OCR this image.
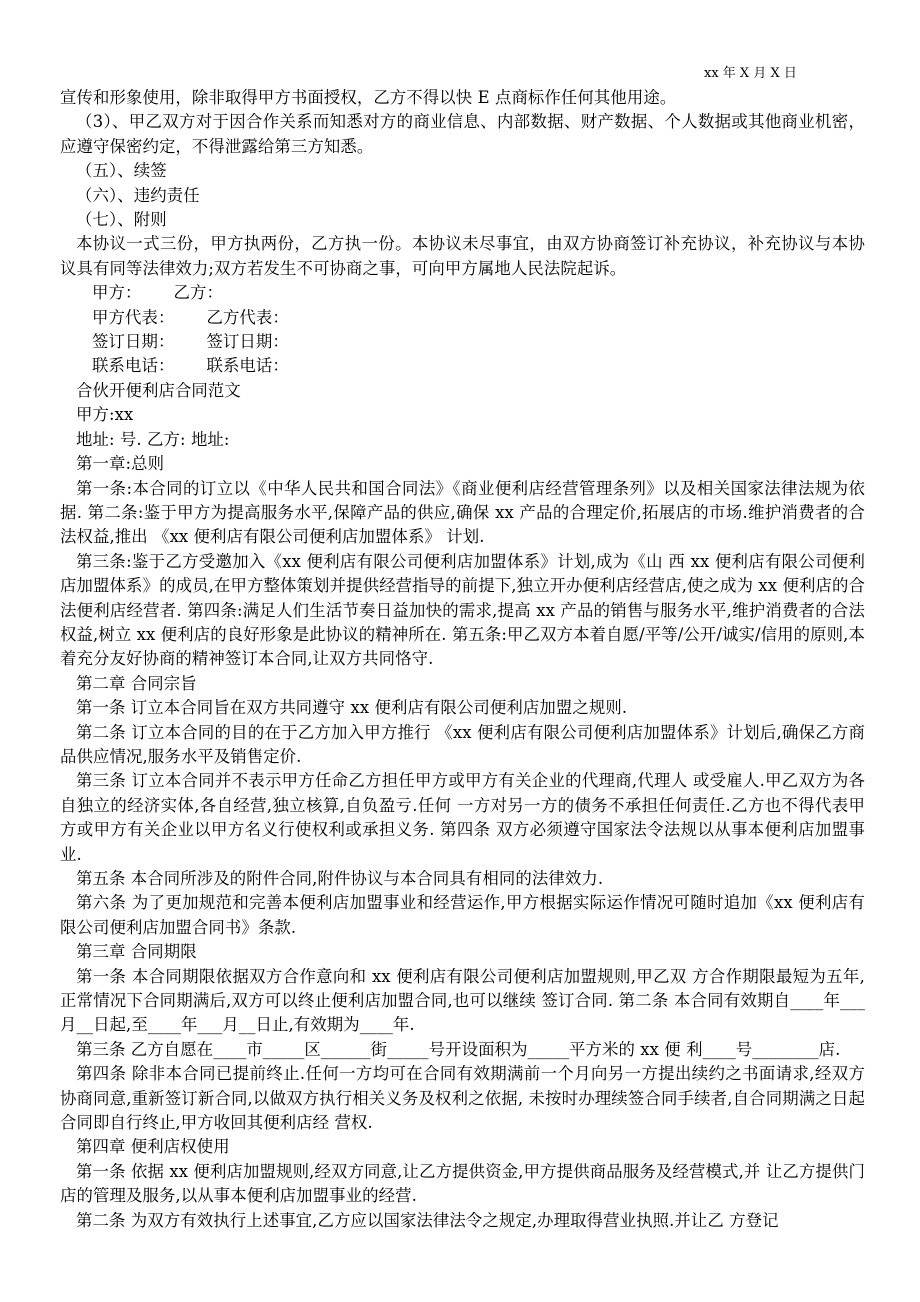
xx 年 X 月 X 日

宣传和形象使用，除非取得甲方书面授权，乙方不得以快 E 点商标作任何其他用途。

（3）、甲乙双方对于因合作关系而知悉对方的商业信息、内部数据、财产数据、个人数据或其他商业机密，应遵守保密约定，不得泄露给第三方知悉。

（五）、续签

（六）、违约责任

（七）、附则

本协议一式三份，甲方执两份，乙方执一份。本协议未尽事宜，由双方协商签订补充协议，补充协议与本协议具有同等法律效力;双方若发生不可协商之事，可向甲方属地人民法院起诉。

甲方： 乙方：

甲方代表： 乙方代表：

签订日期： 签订日期：

联系电话： 联系电话：

合伙开便利店合同范文

甲方:xx

地址: 号. 乙方: 地址:

第一章:总则

第一条:本合同的订立以《中华人民共和国合同法》《商业便利店经营管理条列》以及相关国家法律法规为依据. 第二条:鉴于甲方为提高服务水平,保障产品的供应,确保 xx 产品的合理定价,拓展店的市场.维护消费者的合法权益,推出 《xx 便利店有限公司便利店加盟体系》 计划.

第三条:鉴于乙方受邀加入《xx 便利店有限公司便利店加盟体系》计划,成为《山 西 xx 便利店有限公司便利店加盟体系》的成员,在甲方整体策划并提供经营指导的前提下,独立开办便利店经营店,使之成为 xx 便利店的合法便利店经营者. 第四条:满足人们生活节奏日益加快的需求,提高 xx 产品的销售与服务水平,维护消费者的合法权益,树立 xx 便利店的良好形象是此协议的精神所在. 第五条:甲乙双方本着自愿/平等/公开/诚实/信用的原则,本着充分友好协商的精神签订本合同,让双方共同恪守.

第二章 合同宗旨

第一条 订立本合同旨在双方共同遵守 xx 便利店有限公司便利店加盟之规则.

第二条 订立本合同的目的在于乙方加入甲方推行 《xx 便利店有限公司便利店加盟体系》计划后,确保乙方商品供应情况,服务水平及销售定价.

第三条 订立本合同并不表示甲方任命乙方担任甲方或甲方有关企业的代理商,代理人 或受雇人.甲乙双方为各自独立的经济实体,各自经营,独立核算,自负盈亏.任何 一方对另一方的债务不承担任何责任.乙方也不得代表甲方或甲方有关企业以甲方名义行使权利或承担义务. 第四条 双方必须遵守国家法令法规以从事本便利店加盟事业.

第五条 本合同所涉及的附件合同,附件协议与本合同具有相同的法律效力.

第六条 为了更加规范和完善本便利店加盟事业和经营运作,甲方根据实际运作情况可随时追加《xx 便利店有限公司便利店加盟合同书》条款.

第三章 合同期限

第一条 本合同期限依据双方合作意向和 xx 便利店有限公司便利店加盟规则,甲乙双 方合作期限最短为五年,正常情况下合同期满后,双方可以终止便利店加盟合同,也可以继续 签订合同. 第二条 本合同有效期自____年___月__日起,至____年___月__日止,有效期为____年.

第三条 乙方自愿在____市_____区______街_____号开设面积为_____平方米的 xx 便 利____号________店.

第四条 除非本合同已提前终止.任何一方均可在合同有效期满前一个月向另一方提出续约之书面请求,经双方协商同意,重新签订新合同,以做双方执行相关义务及权利之依据, 未按时办理续签合同手续者,自合同期满之日起合同即自行终止,甲方收回其便利店经 营权.

第四章 便利店权使用

第一条 依据 xx 便利店加盟规则,经双方同意,让乙方提供资金,甲方提供商品服务及经营模式,并 让乙方提供门店的管理及服务,以从事本便利店加盟事业的经营.

第二条 为双方有效执行上述事宜,乙方应以国家法律法令之规定,办理取得营业执照.并让乙 方登记
